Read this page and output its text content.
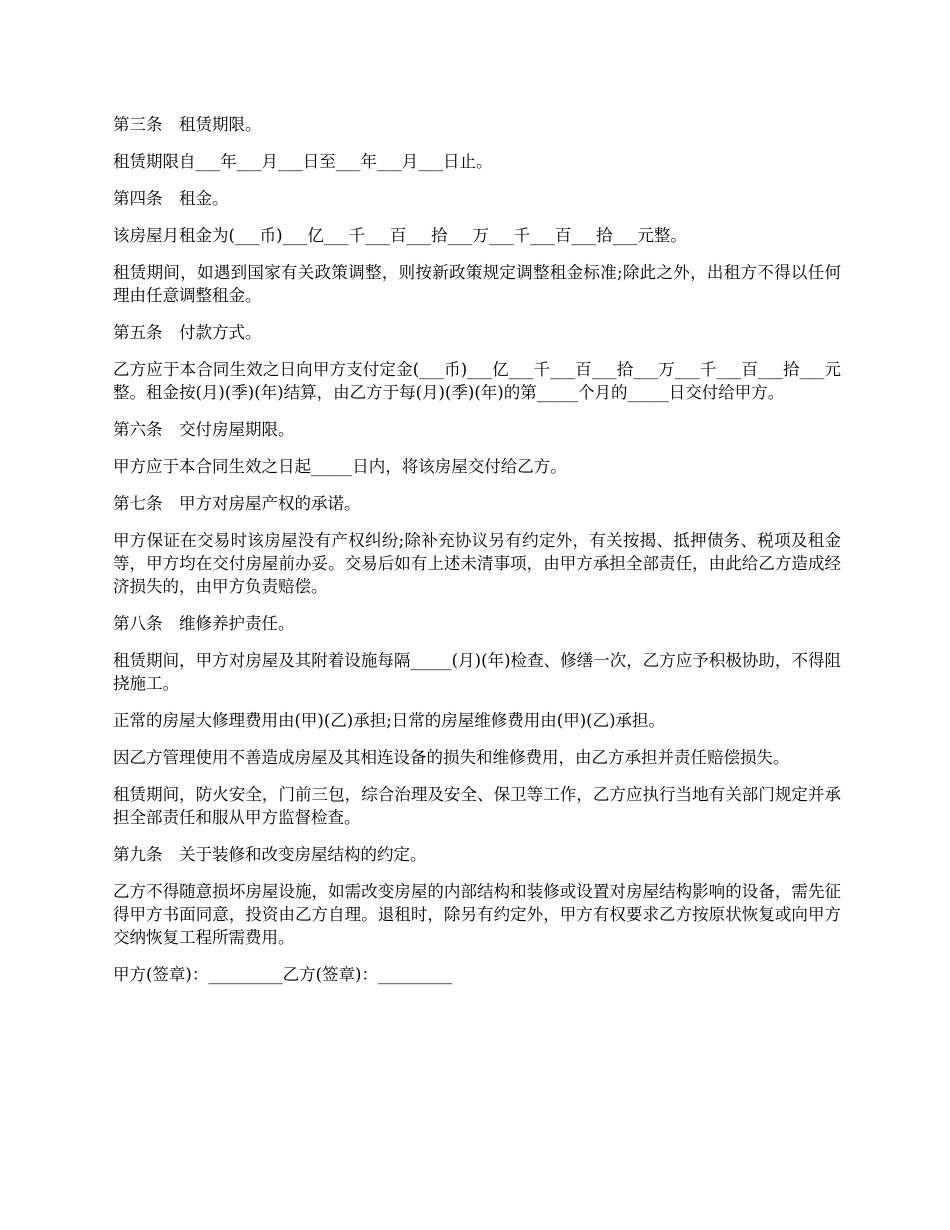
第三条　租赁期限。

租赁期限自___年___月___日至___年___月___日止。

第四条　租金。

该房屋月租金为(___币)___亿___千___百___拾___万___千___百___拾___元整。

租赁期间，如遇到国家有关政策调整，则按新政策规定调整租金标准;除此之外，出租方不得以任何理由任意调整租金。

第五条　付款方式。

乙方应于本合同生效之日向甲方支付定金(___币)___亿___千___百___拾___万___千___百___拾___元整。租金按(月)(季)(年)结算，由乙方于每(月)(季)(年)的第_____个月的_____日交付给甲方。

第六条　交付房屋期限。

甲方应于本合同生效之日起_____日内，将该房屋交付给乙方。

第七条　甲方对房屋产权的承诺。

甲方保证在交易时该房屋没有产权纠纷;除补充协议另有约定外，有关按揭、抵押债务、税项及租金等，甲方均在交付房屋前办妥。交易后如有上述未清事项，由甲方承担全部责任，由此给乙方造成经济损失的，由甲方负责赔偿。

第八条　维修养护责任。

租赁期间，甲方对房屋及其附着设施每隔_____(月)(年)检查、修缮一次，乙方应予积极协助，不得阻挠施工。

正常的房屋大修理费用由(甲)(乙)承担;日常的房屋维修费用由(甲)(乙)承担。

因乙方管理使用不善造成房屋及其相连设备的损失和维修费用，由乙方承担并责任赔偿损失。

租赁期间，防火安全，门前三包，综合治理及安全、保卫等工作，乙方应执行当地有关部门规定并承担全部责任和服从甲方监督检查。

第九条　关于装修和改变房屋结构的约定。

乙方不得随意损坏房屋设施，如需改变房屋的内部结构和装修或设置对房屋结构影响的设备，需先征得甲方书面同意，投资由乙方自理。退租时，除另有约定外，甲方有权要求乙方按原状恢复或向甲方交纳恢复工程所需费用。

甲方(签章)：_________乙方(签章)：_________
